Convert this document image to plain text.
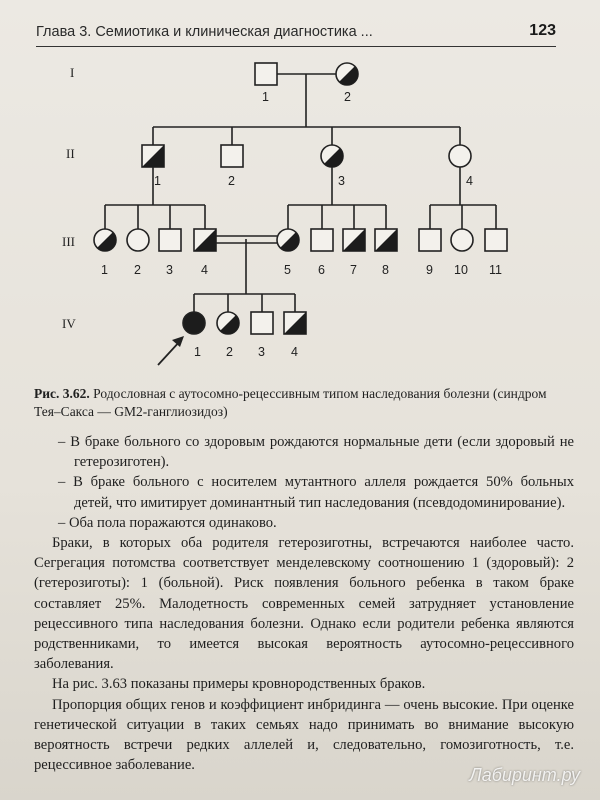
Глава 3. Семиотика и клиническая диагностика ...	123
I
II
III
IV
1	2
1	2	3	4
1 2 3 4	5 6 7 8	9 10 11
1 2 3 4
Рис. 3.62. Родословная с аутосомно-рецессивным типом наследования болезни (синдром Тея–Сакса — GM2-ганглиозидоз)

– В браке больного со здоровым рождаются нормальные дети (если здоровый не гетерозиготен).

– В браке больного с носителем мутантного аллеля рождается 50% больных детей, что имитирует доминантный тип наследования (псевдодоминирование).

– Оба пола поражаются одинаково.

Браки, в которых оба родителя гетерозиготны, встречаются наиболее часто. Сегрегация потомства соответствует менделевскому соотношению 1 (здоровый): 2 (гетерозиготы): 1 (больной). Риск появления больного ребенка в таком браке составляет 25%. Малодетность современных семей затрудняет установление рецессивного типа наследования болезни. Однако если родители ребенка являются родственниками, то имеется высокая вероятность аутосомно-рецессивного заболевания.

На рис. 3.63 показаны примеры кровнородственных браков.

Пропорция общих генов и коэффициент инбридинга — очень высокие. При оценке генетической ситуации в таких семьях надо принимать во внимание высокую вероятность встречи редких аллелей и, следовательно, гомозиготность, т.е. рецессивное заболевание.	Лабиринт.ру
